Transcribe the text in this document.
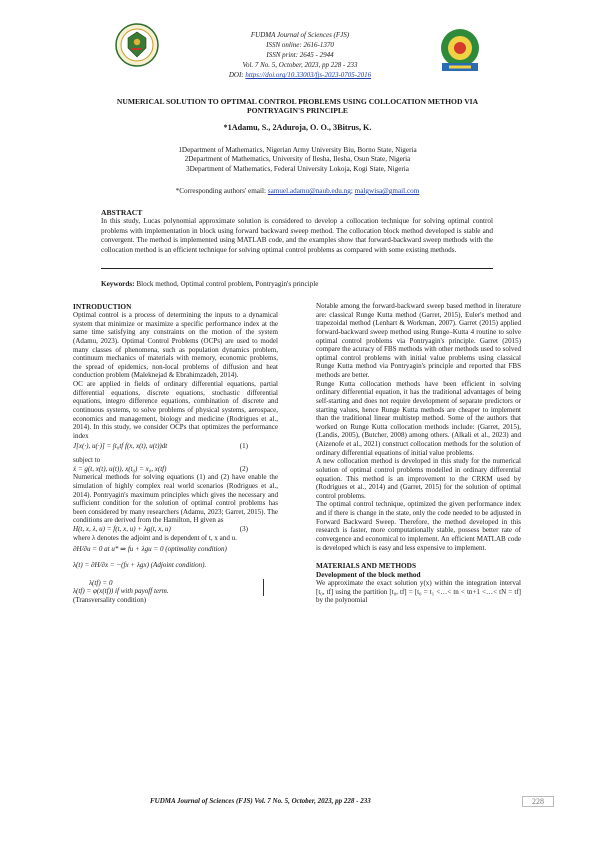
FUDMA Journal of Sciences (FJS)
ISSN online: 2616-1370
ISSN print: 2645 - 2944
Vol. 7 No. 5, October, 2023, pp 228 - 233
DOI: https://doi.org/10.33003/fjs-2023-0705-2016
NUMERICAL SOLUTION TO OPTIMAL CONTROL PROBLEMS USING COLLOCATION METHOD VIA
PONTRYAGIN'S PRINCIPLE
*1Adamu, S., 2Aduroja, O. O., 3Bitrus, K.
1Department of Mathematics, Nigerian Army University Biu, Borno State, Nigeria
2Department of Mathematics, University of Ilesha, Ilesha, Osun State, Nigeria
3Department of Mathematics, Federal University Lokoja, Kogi State, Nigeria
*Corresponding authors' email: samuel.adamu@naub.edu.ng; malgwisa@gmail.com
ABSTRACT
In this study, Lucas polynomial approximate solution is considered to develop a collocation technique for solving optimal control problems with implementation in block using forward backward sweep method. The collocation block method developed is stable and convergent. The method is implemented using MATLAB code, and the examples show that forward-backward sweep methods with the collocation method is an efficient technique for solving optimal control problems as compared with some existing methods.
Keywords: Block method, Optimal control problem, Pontryagin's principle
INTRODUCTION

Optimal control is a process of determining the inputs to a dynamical system that minimize or maximize a specific performance index at the same time satisfying any constraints on the motion of the system (Adamu, 2023). Optimal Control Problems (OCPs) are used to model many classes of phenomena, such as population dynamics problem, continuum mechanics of materials with memory, economic problems, the spread of epidemics, non-local problems of diffusion and heat conduction problem (Maleknejad & Ebrahimzadeh, 2014).

OC are applied in fields of ordinary differential equations, partial differential equations, discrete equations, stochastic differential equations, integro difference equations, combination of discrete and continuous systems, to solve problems of physical systems, aerospace, economics and management, biology and medicine (Rodrigues et al., 2014). In this study, we consider OCPs that optimizes the performance index

J[x(·), u(·)] = ∫t₀tf f(x, x(t), u(t))dt	(1)

subject to

ẋ = g(t, x(t), u(t)), x(t₀) = x₀, x(tf)	(2)

Numerical methods for solving equations (1) and (2) have enable the simulation of highly complex real world scenarios (Rodrigues et al., 2014). Pontryagin's maximum principles which gives the necessary and sufficient condition for the solution of optimal control problems has been considered by many researchers (Adamu, 2023; Garret, 2015). The conditions are derived from the Hamilton, H given as

H(t, x, λ, u) = f(t, x, u) + λg(t, x, u)	(3)

where λ denotes the adjoint and is dependent of t, x and u.

∂H/∂u = 0 at u* ⇒ fu + λgu = 0 (optimality condition)

λ̇(t) = ∂H/∂x = −(fx + λgx) (Adjoint condition).

λ(tf) = 0
λ(tf) = φ(x(tf)) if with payoff term.

(Transversality condition)

Notable among the forward-backward sweep based method in literature are: classical Runge Kutta method (Garret, 2015), Euler's method and trapezoidal method (Lenhart & Workman, 2007). Garret (2015) applied forward-backward sweep method using Runge–Kutta 4 routine to solve optimal control problems via Pontryagin's principle. Garret (2015) compare the acuracy of FBS methods with other methods used to solved optimal control problems with initial value problems using classical Runge Kutta method via Pontryagin's principle and reported that FBS methods are better.

Runge Kutta collocation methods have been efficient in solving ordinary differential equation, it has the traditional advantages of being self-starting and does not require development of separate predictors or starting values, hence Runge Kutta methods are cheaper to implement than the traditional linear multistep method. Some of the authors that worked on Runge Kutta collocation methods include: (Garret, 2015), (Landis, 2005), (Butcher, 2008) among others. (Alkali et al., 2023) and (Aizenofe et al., 2021) construct collocation methods for the solution of ordinary differential equations of initial value problems.

A new collocation method is developed in this study for the numerical solution of optimal control problems modelled in ordinary differential equation. This method is an improvement to the CRKM used by (Rodrigues et al., 2014) and (Garret, 2015) for the solution of optimal control problems.

The optimal control technique, optimized the given performance index and if there is change in the state, only the code needed to be adjusted in Forward Backward Sweep. Therefore, the method developed in this research is faster, more computationally stable, possess better rate of convergence and economical to implement. An efficient MATLAB code is developed which is easy and less expensive to implement.

MATERIALS AND METHODS
Development of the block method

We approximate the exact solution y(x) within the integration interval [t₀, tf] using the partition [t₀, tf] = [t₀ = t₁ <…< tn < tn+1 <…< tN = tf] by the polynomial

FUDMA Journal of Sciences (FJS) Vol. 7 No. 5, October, 2023, pp 228 - 233	228
